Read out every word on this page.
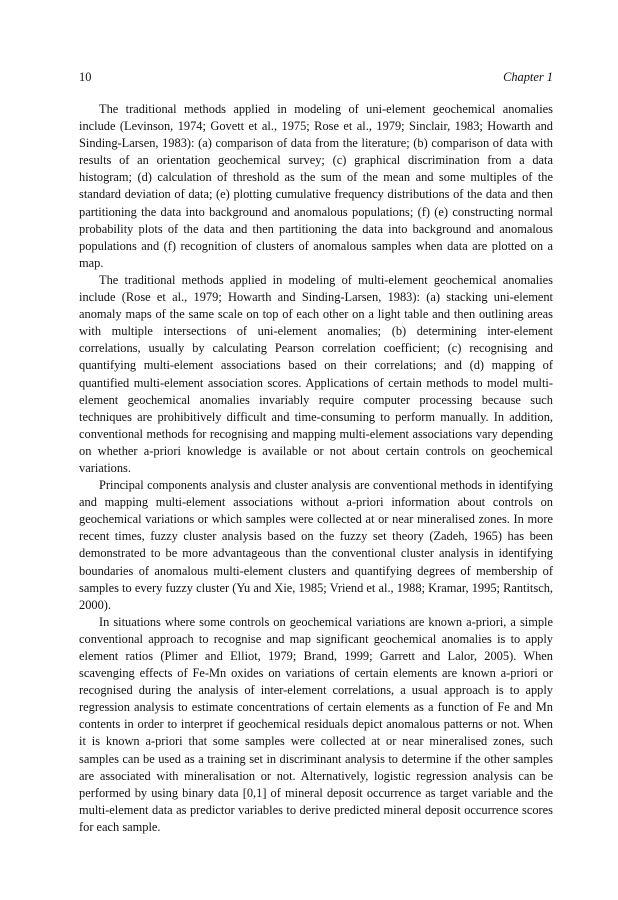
10	Chapter 1

The traditional methods applied in modeling of uni-element geochemical anomalies include (Levinson, 1974; Govett et al., 1975; Rose et al., 1979; Sinclair, 1983; Howarth and Sinding-Larsen, 1983): (a) comparison of data from the literature; (b) comparison of data with results of an orientation geochemical survey; (c) graphical discrimination from a data histogram; (d) calculation of threshold as the sum of the mean and some multiples of the standard deviation of data; (e) plotting cumulative frequency distributions of the data and then partitioning the data into background and anomalous populations; (f) (e) constructing normal probability plots of the data and then partitioning the data into background and anomalous populations and (f) recognition of clusters of anomalous samples when data are plotted on a map.

The traditional methods applied in modeling of multi-element geochemical anomalies include (Rose et al., 1979; Howarth and Sinding-Larsen, 1983): (a) stacking uni-element anomaly maps of the same scale on top of each other on a light table and then outlining areas with multiple intersections of uni-element anomalies; (b) determining inter-element correlations, usually by calculating Pearson correlation coefficient; (c) recognising and quantifying multi-element associations based on their correlations; and (d) mapping of quantified multi-element association scores. Applications of certain methods to model multi-element geochemical anomalies invariably require computer processing because such techniques are prohibitively difficult and time-consuming to perform manually. In addition, conventional methods for recognising and mapping multi-element associations vary depending on whether a-priori knowledge is available or not about certain controls on geochemical variations.

Principal components analysis and cluster analysis are conventional methods in identifying and mapping multi-element associations without a-priori information about controls on geochemical variations or which samples were collected at or near mineralised zones. In more recent times, fuzzy cluster analysis based on the fuzzy set theory (Zadeh, 1965) has been demonstrated to be more advantageous than the conventional cluster analysis in identifying boundaries of anomalous multi-element clusters and quantifying degrees of membership of samples to every fuzzy cluster (Yu and Xie, 1985; Vriend et al., 1988; Kramar, 1995; Rantitsch, 2000).

In situations where some controls on geochemical variations are known a-priori, a simple conventional approach to recognise and map significant geochemical anomalies is to apply element ratios (Plimer and Elliot, 1979; Brand, 1999; Garrett and Lalor, 2005). When scavenging effects of Fe-Mn oxides on variations of certain elements are known a-priori or recognised during the analysis of inter-element correlations, a usual approach is to apply regression analysis to estimate concentrations of certain elements as a function of Fe and Mn contents in order to interpret if geochemical residuals depict anomalous patterns or not. When it is known a-priori that some samples were collected at or near mineralised zones, such samples can be used as a training set in discriminant analysis to determine if the other samples are associated with mineralisation or not. Alternatively, logistic regression analysis can be performed by using binary data [0,1] of mineral deposit occurrence as target variable and the multi-element data as predictor variables to derive predicted mineral deposit occurrence scores for each sample.
